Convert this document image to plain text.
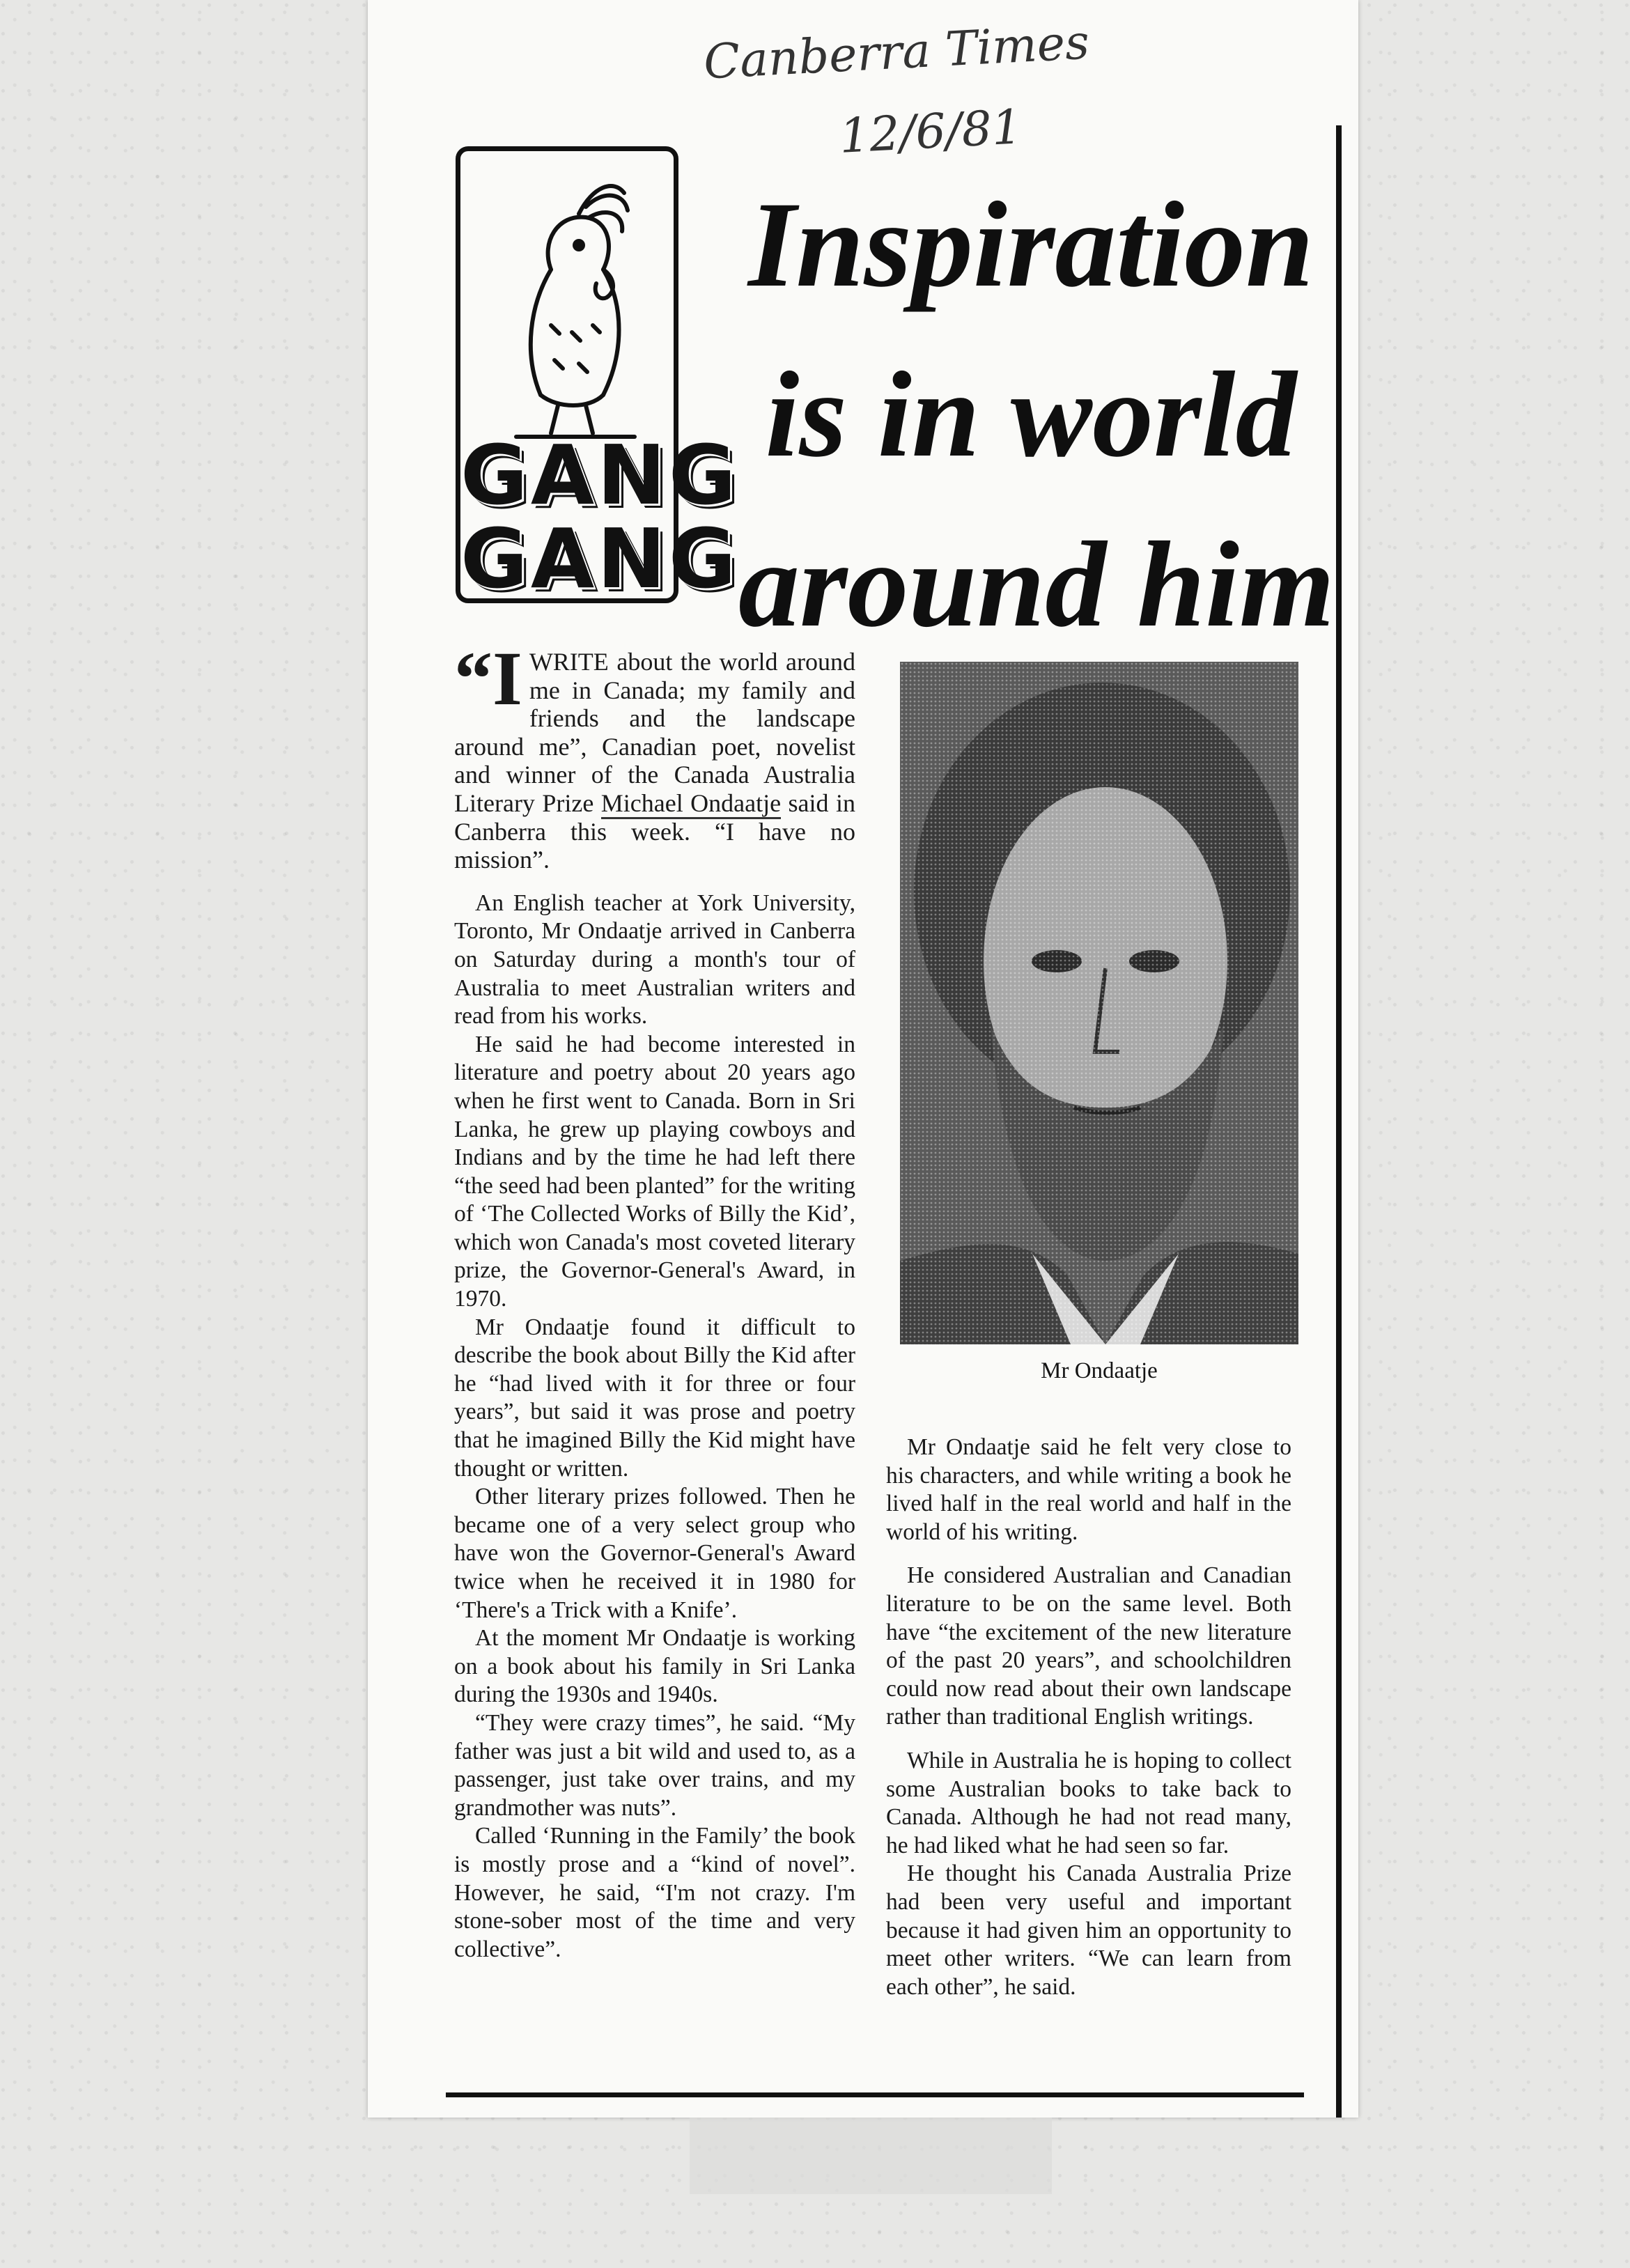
Canberra Times
12/6/81
GANG
GANG
Inspiration
is in world
around him

“I WRITE about the world around me in Canada; my family and friends and the landscape around me”, Canadian poet, novelist and winner of the Canada Australia Literary Prize Michael Ondaatje said in Canberra this week. “I have no mission”.

An English teacher at York University, Toronto, Mr Ondaatje arrived in Canberra on Saturday during a month's tour of Australia to meet Australian writers and read from his works.

He said he had become interested in literature and poetry about 20 years ago when he first went to Canada. Born in Sri Lanka, he grew up playing cowboys and Indians and by the time he had left there “the seed had been planted” for the writing of ‘The Collected Works of Billy the Kid’, which won Canada's most coveted literary prize, the Governor-General's Award, in 1970.

Mr Ondaatje found it difficult to describe the book about Billy the Kid after he “had lived with it for three or four years”, but said it was prose and poetry that he imagined Billy the Kid might have thought or written.

Other literary prizes followed. Then he became one of a very select group who have won the Governor-General's Award twice when he received it in 1980 for ‘There's a Trick with a Knife’.

At the moment Mr Ondaatje is working on a book about his family in Sri Lanka during the 1930s and 1940s.

“They were crazy times”, he said. “My father was just a bit wild and used to, as a passenger, just take over trains, and my grandmother was nuts”.

Called ‘Running in the Family’ the book is mostly prose and a “kind of novel”. However, he said, “I'm not crazy. I'm stone-sober most of the time and very collective”.

Mr Ondaatje

Mr Ondaatje said he felt very close to his characters, and while writing a book he lived half in the real world and half in the world of his writing.

He considered Australian and Canadian literature to be on the same level. Both have “the excitement of the new literature of the past 20 years”, and schoolchildren could now read about their own landscape rather than traditional English writings.

While in Australia he is hoping to collect some Australian books to take back to Canada. Although he had not read many, he had liked what he had seen so far.

He thought his Canada Australia Prize had been very useful and important because it had given him an opportunity to meet other writers. “We can learn from each other”, he said.
